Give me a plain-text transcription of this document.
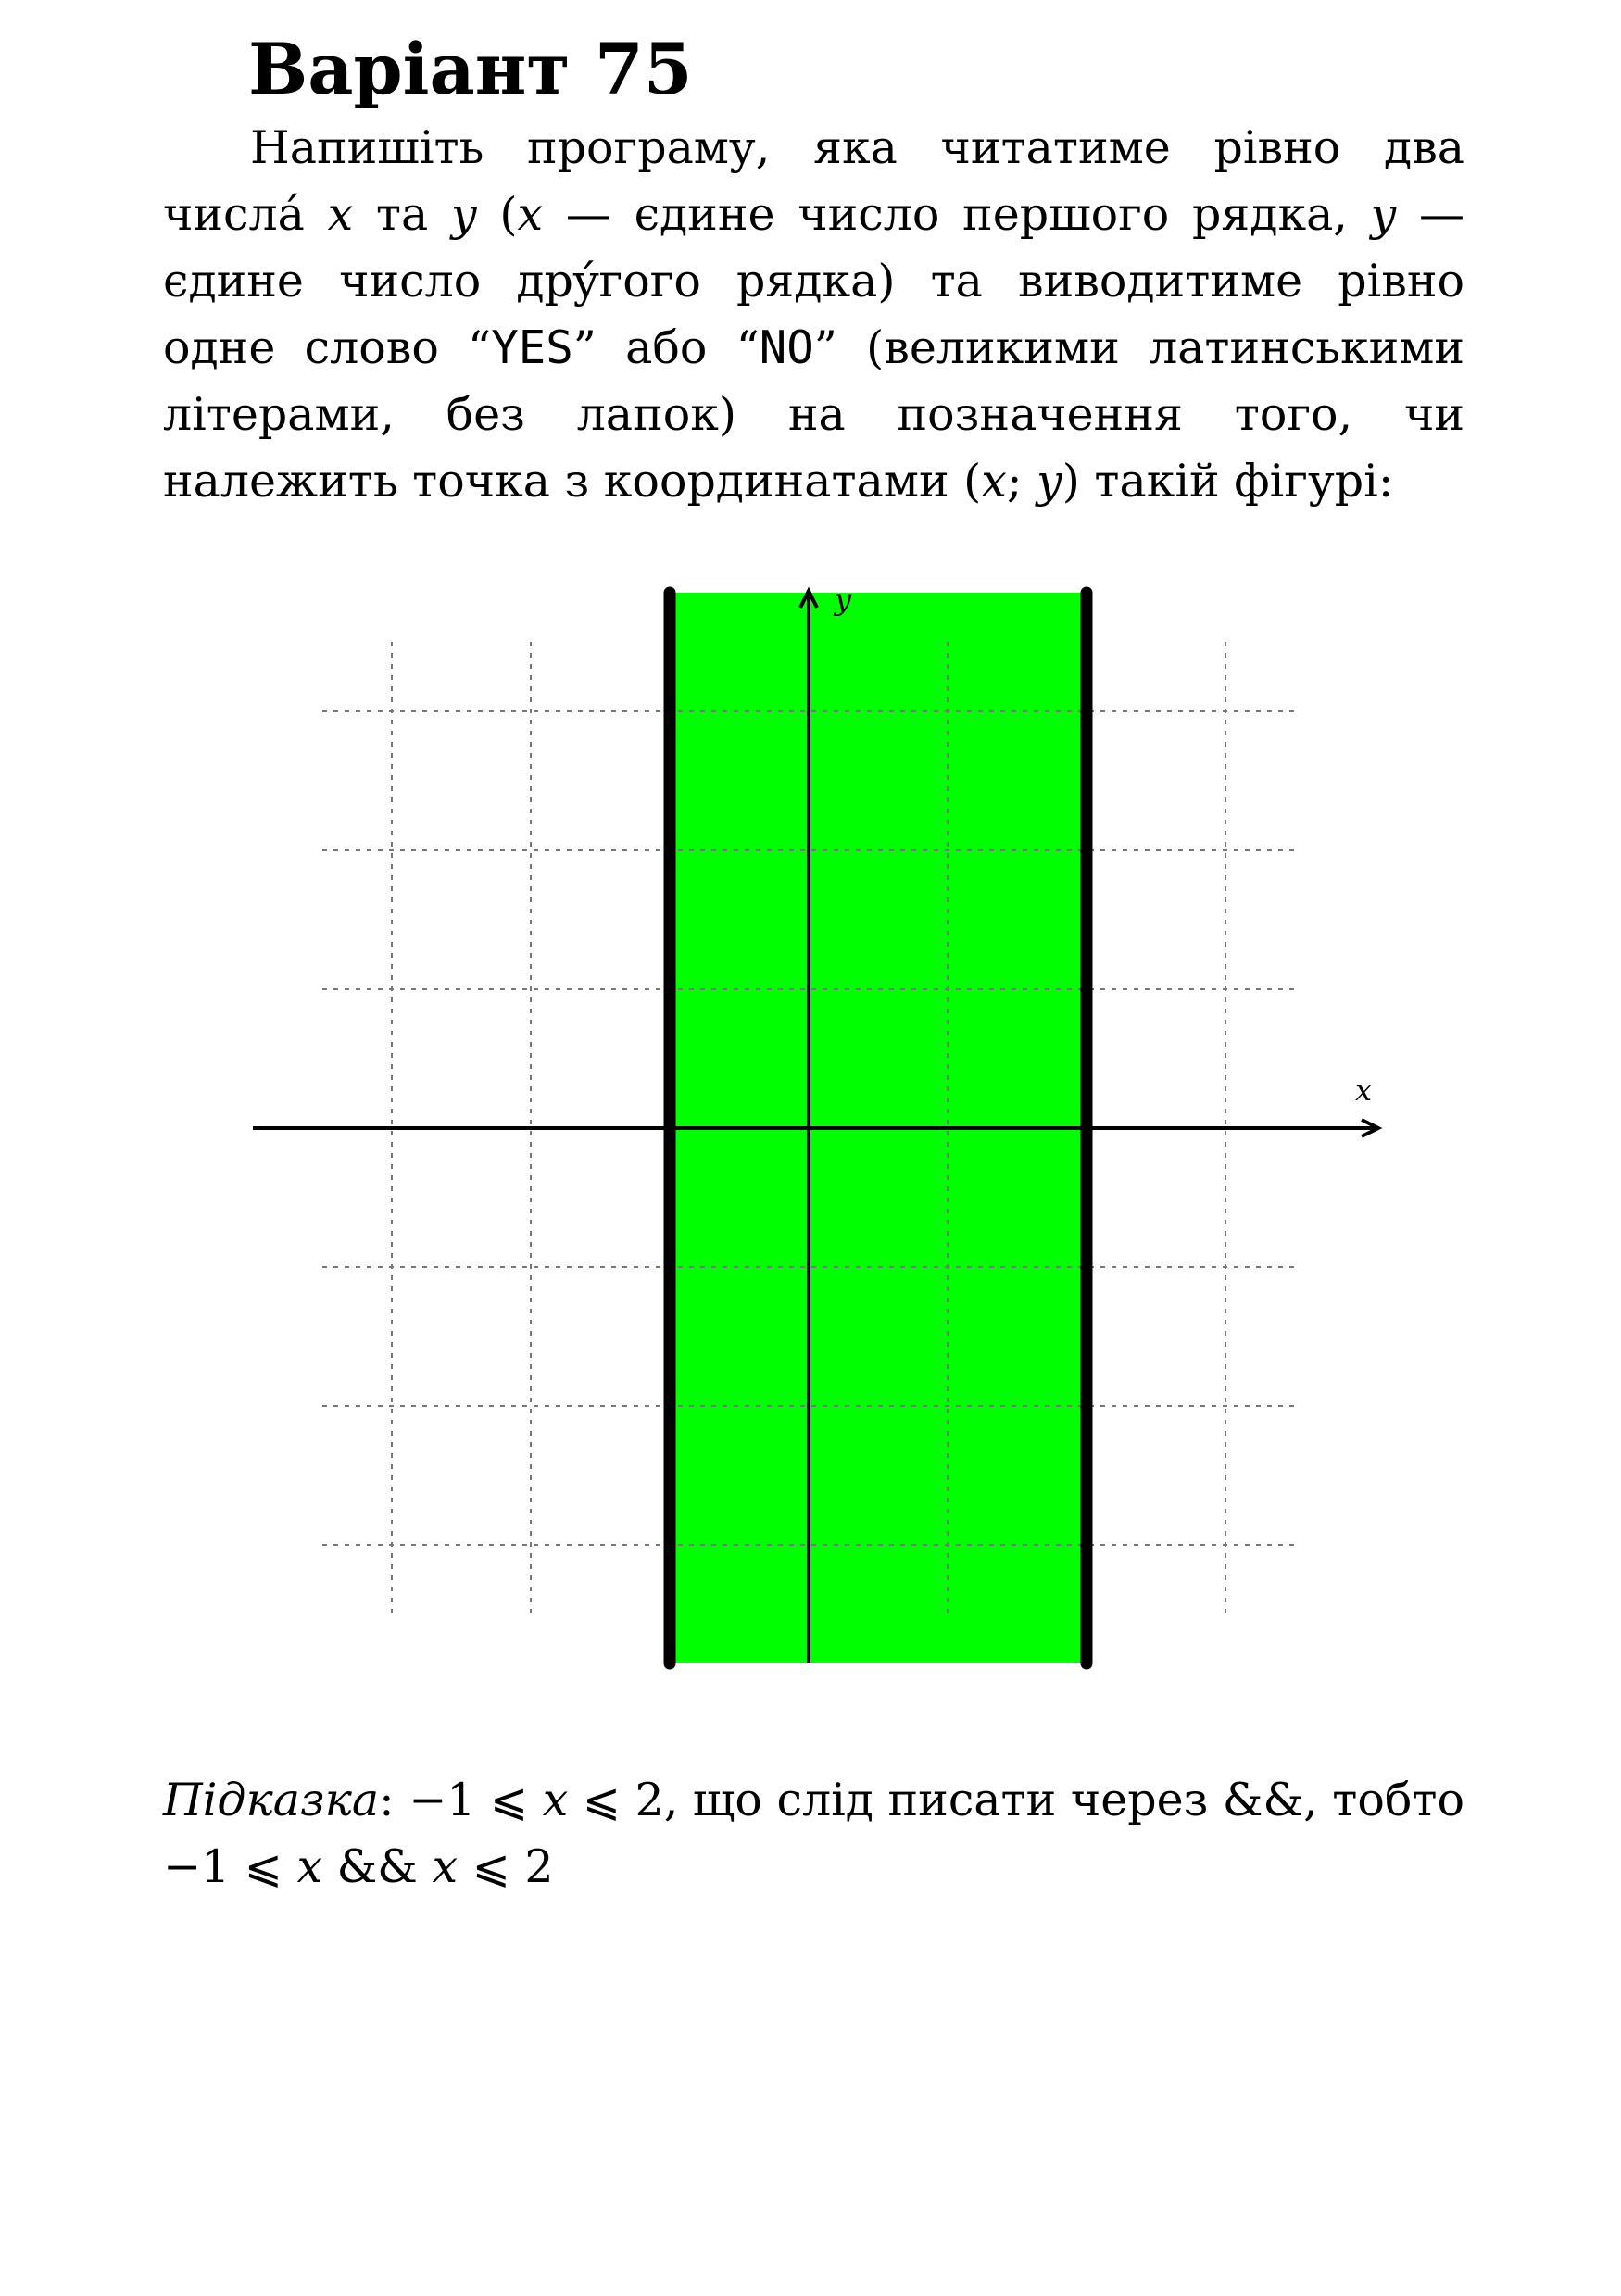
Варіант 75

Напишіть програму, яка читатиме рівно два числá x та y (x — єдине число першого рядка, y — єдине число дрýгого рядка) та виводитиме рівно одне слово “YES” або “NO” (великими латинськими літерами, без лапок) на позначення того, чи належить точка з координатами (x; y) такій фігурі:

x
y

Підказка: −1 ⩽ x ⩽ 2, що слід писати через &&, тобто −1 ⩽ x && x ⩽ 2
